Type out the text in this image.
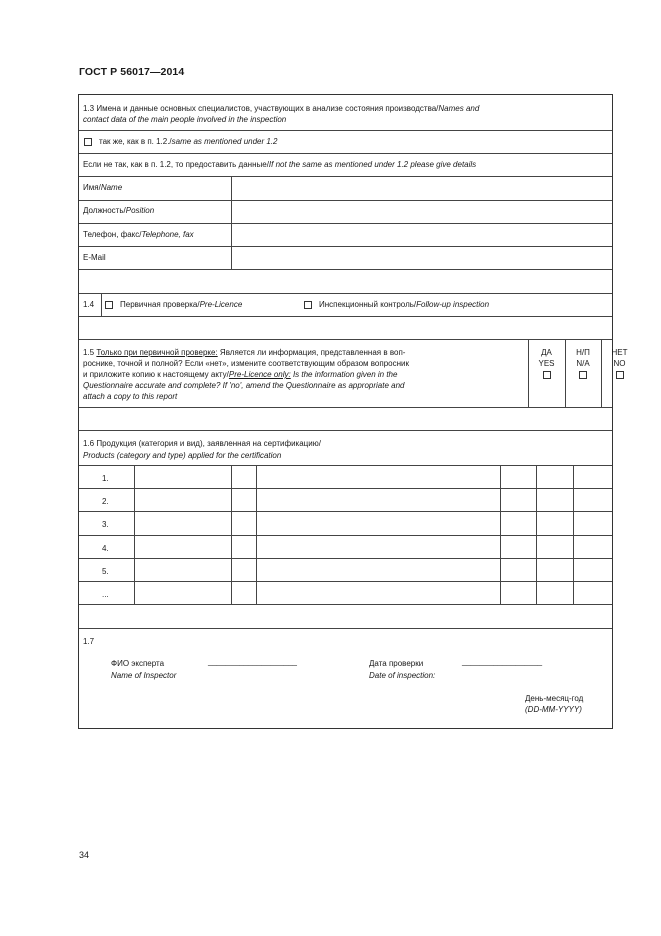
ГОСТ Р 56017—2014
1.3 Имена и данные основных специалистов, участвующих в анализе состояния производства/Names and
contact data of the main people involved in the inspection
так же, как в п. 1.2./same as mentioned under 1.2
Если не так, как в п. 1.2, то предоставить данные/If not the same as mentioned under 1.2 please give details
Имя/Name
Должность/Position
Телефон, факс/Telephone, fax
E-Mail
1.4	Первичная проверка/Pre-Licence	Инспекционный контроль/Follow-up inspection
1.5 Только при первичной проверке: Является ли информация, представленная в воп-
роснике, точной и полной? Если «нет», измените соответствующим образом вопросник
и приложите копию к настоящему акту/Pre-Licence only: Is the information given in the
Questionnaire accurate and complete? If 'no', amend the Questionnaire as appropriate and
attach a copy to this report
ДА
YES
Н/П
N/A
НЕТ
NO
1.6 Продукция (категория и вид), заявленная на сертификацию/
Products (category and type) applied for the certification
1.
2.
3.
4.
5.
...
1.7
ФИО эксперта
Name of Inspector
____________________	Дата проверки
Date of inspection:
__________________
День-месяц-год
(DD-MM-YYYY)
34
